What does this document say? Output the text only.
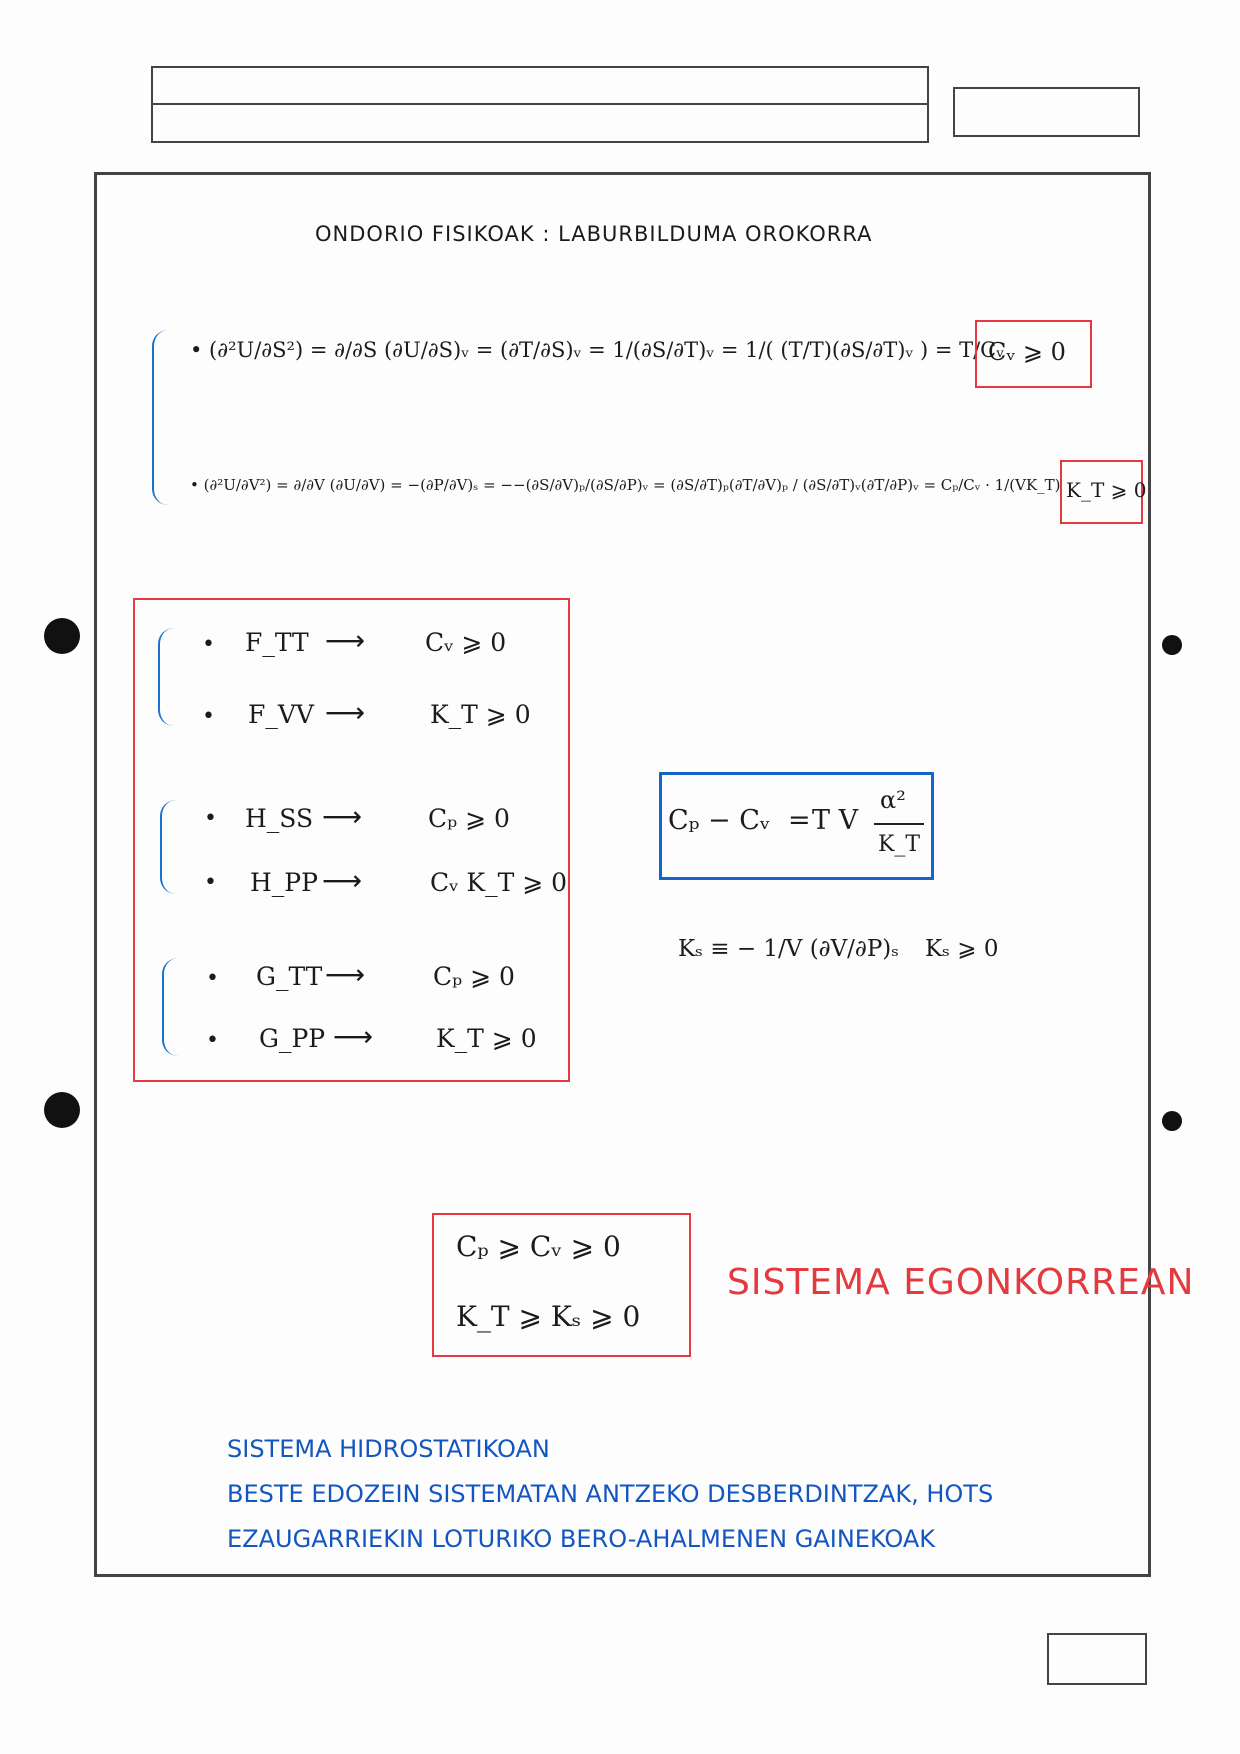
ONDORIO FISIKOAK : LABURBILDUMA OROKORRA
• (∂²U/∂S²) = ∂/∂S (∂U/∂S)ᵥ = (∂T/∂S)ᵥ = 1/(∂S/∂T)ᵥ = 1/( (T/T)(∂S/∂T)ᵥ ) = T/Cᵥ
Cᵥ ⩾ 0
• (∂²U/∂V²) = ∂/∂V (∂U/∂V) = −(∂P/∂V)ₛ = −−(∂S/∂V)ₚ/(∂S/∂P)ᵥ = (∂S/∂T)ₚ(∂T/∂V)ₚ / (∂S/∂T)ᵥ(∂T/∂P)ᵥ = Cₚ/Cᵥ · 1/(VK_T) K_T ⩾ 0
• F_TT ⟶ Cᵥ ⩾ 0
• F_VV ⟶	K_T ⩾ 0
• H_SS ⟶	Cₚ ⩾ 0
• H_PP ⟶	Cᵥ K_T ⩾ 0
• G_TT ⟶	Cₚ ⩾ 0
• G_PP ⟶	K_T ⩾ 0
Cₚ − Cᵥ = T V
α²
K_T
Kₛ ≡ − 1/V (∂V/∂P)ₛ Kₛ ⩾ 0
Cₚ ⩾ Cᵥ ⩾ 0
K_T ⩾ Kₛ ⩾ 0
SISTEMA EGONKORREAN
SISTEMA HIDROSTATIKOAN
BESTE EDOZEIN SISTEMATAN ANTZEKO DESBERDINTZAK, HOTS
EZAUGARRIEKIN LOTURIKO BERO-AHALMENEN GAINEKOAK
